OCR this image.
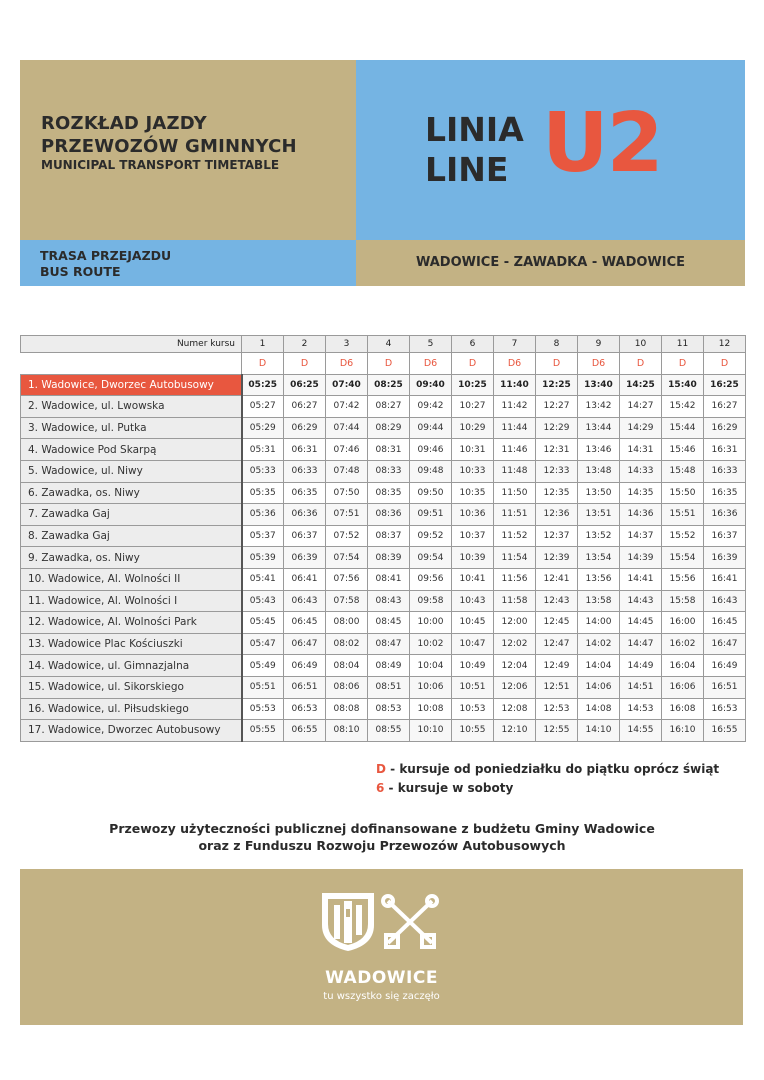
ROZKŁAD JAZDY
PRZEWOZÓW GMINNYCH
MUNICIPAL TRANSPORT TIMETABLE
LINIA
LINE U2
TRASA PRZEJAZDU
BUS ROUTE
WADOWICE - ZAWADKA - WADOWICE
Numer kursu	1	2	3	4	5	6	7	8	9	10	11	12
	D	D	D6	D	D6	D	D6	D	D6	D	D	D
1. Wadowice, Dworzec Autobusowy	05:25	06:25	07:40	08:25	09:40	10:25	11:40	12:25	13:40	14:25	15:40	16:25
2. Wadowice, ul. Lwowska	05:27	06:27	07:42	08:27	09:42	10:27	11:42	12:27	13:42	14:27	15:42	16:27
3. Wadowice, ul. Putka	05:29	06:29	07:44	08:29	09:44	10:29	11:44	12:29	13:44	14:29	15:44	16:29
4. Wadowice Pod Skarpą	05:31	06:31	07:46	08:31	09:46	10:31	11:46	12:31	13:46	14:31	15:46	16:31
5. Wadowice, ul. Niwy	05:33	06:33	07:48	08:33	09:48	10:33	11:48	12:33	13:48	14:33	15:48	16:33
6. Zawadka, os. Niwy	05:35	06:35	07:50	08:35	09:50	10:35	11:50	12:35	13:50	14:35	15:50	16:35
7. Zawadka Gaj	05:36	06:36	07:51	08:36	09:51	10:36	11:51	12:36	13:51	14:36	15:51	16:36
8. Zawadka Gaj	05:37	06:37	07:52	08:37	09:52	10:37	11:52	12:37	13:52	14:37	15:52	16:37
9. Zawadka, os. Niwy	05:39	06:39	07:54	08:39	09:54	10:39	11:54	12:39	13:54	14:39	15:54	16:39
10. Wadowice, Al. Wolności II	05:41	06:41	07:56	08:41	09:56	10:41	11:56	12:41	13:56	14:41	15:56	16:41
11. Wadowice, Al. Wolności I	05:43	06:43	07:58	08:43	09:58	10:43	11:58	12:43	13:58	14:43	15:58	16:43
12. Wadowice, Al. Wolności Park	05:45	06:45	08:00	08:45	10:00	10:45	12:00	12:45	14:00	14:45	16:00	16:45
13. Wadowice Plac Kościuszki	05:47	06:47	08:02	08:47	10:02	10:47	12:02	12:47	14:02	14:47	16:02	16:47
14. Wadowice, ul. Gimnazjalna	05:49	06:49	08:04	08:49	10:04	10:49	12:04	12:49	14:04	14:49	16:04	16:49
15. Wadowice, ul. Sikorskiego	05:51	06:51	08:06	08:51	10:06	10:51	12:06	12:51	14:06	14:51	16:06	16:51
16. Wadowice, ul. Piłsudskiego	05:53	06:53	08:08	08:53	10:08	10:53	12:08	12:53	14:08	14:53	16:08	16:53
17. Wadowice, Dworzec Autobusowy	05:55	06:55	08:10	08:55	10:10	10:55	12:10	12:55	14:10	14:55	16:10	16:55
D - kursuje od poniedziałku do piątku oprócz świąt
6 - kursuje w soboty
Przewozy użyteczności publicznej dofinansowane z budżetu Gminy Wadowice
oraz z Funduszu Rozwoju Przewozów Autobusowych
WADOWICE
tu wszystko się zaczęło
